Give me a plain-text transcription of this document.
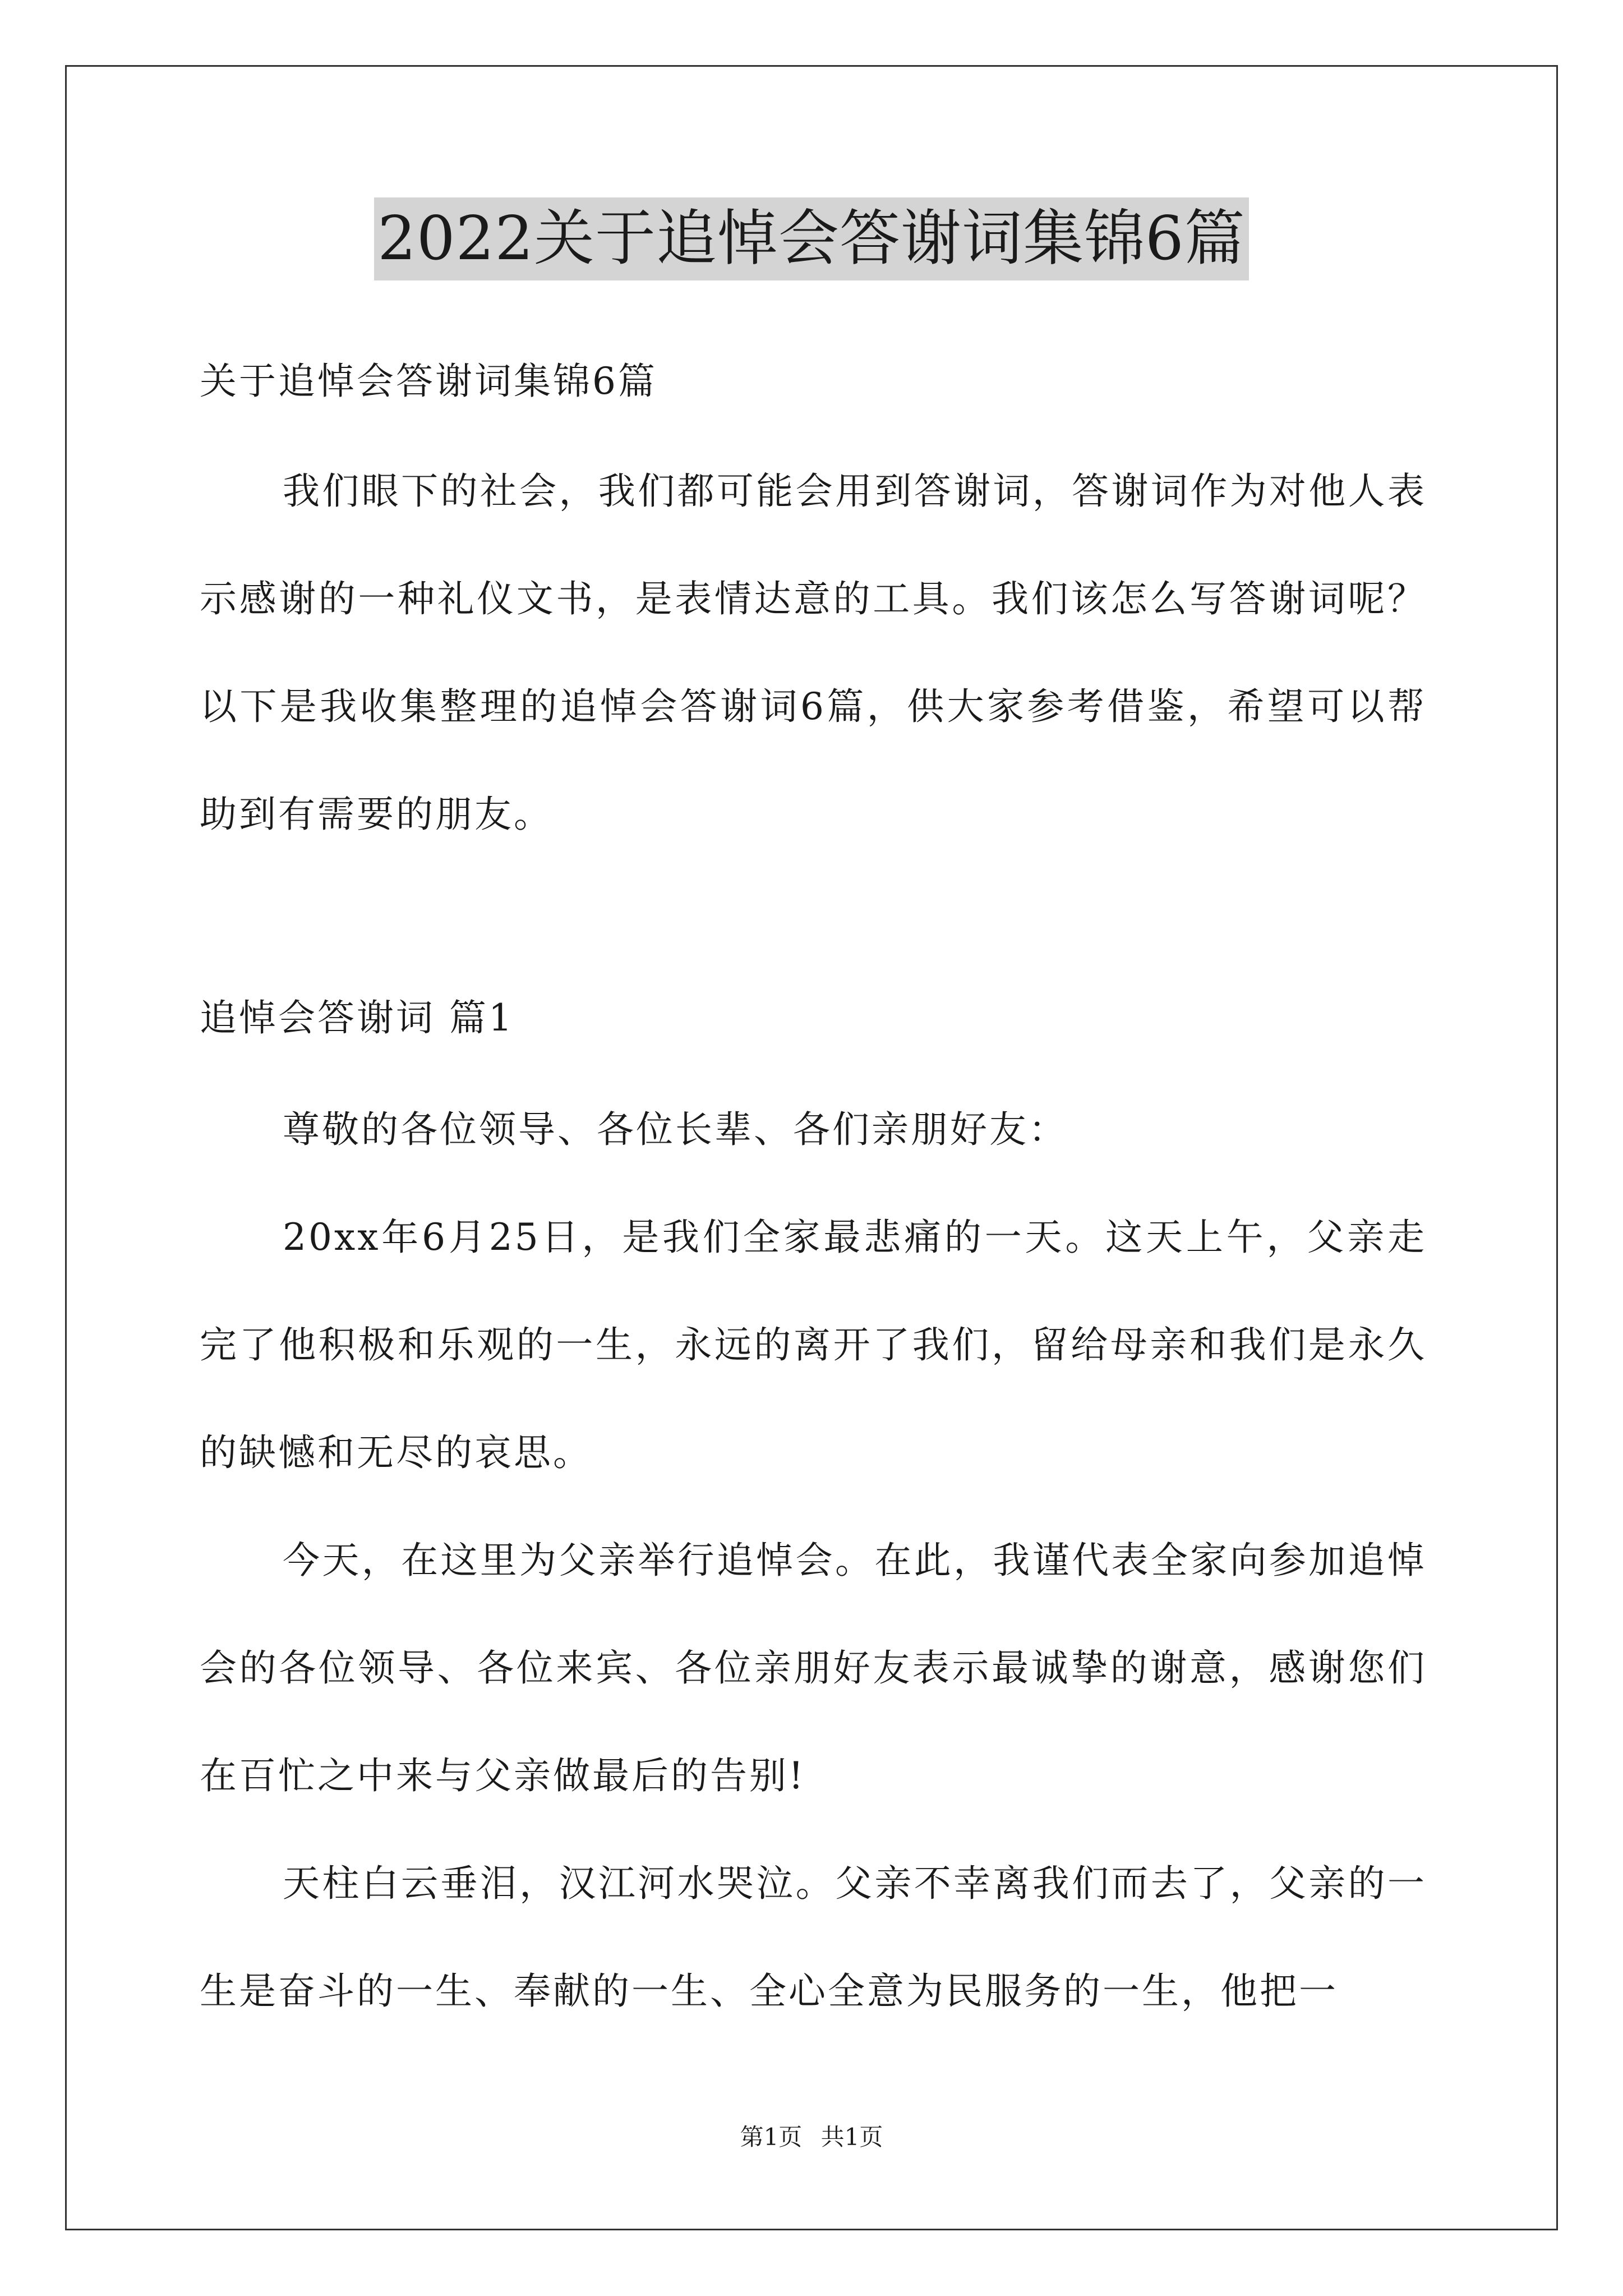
2022关于追悼会答谢词集锦6篇
关于追悼会答谢词集锦6篇
我们眼下的社会，我们都可能会用到答谢词，答谢词作为对他人表示感谢的一种礼仪文书，是表情达意的工具。我们该怎么写答谢词呢？以下是我收集整理的追悼会答谢词6篇，供大家参考借鉴，希望可以帮助到有需要的朋友。
追悼会答谢词 篇1
尊敬的各位领导、各位长辈、各们亲朋好友：
20xx年6月25日，是我们全家最悲痛的一天。这天上午，父亲走完了他积极和乐观的一生，永远的离开了我们，留给母亲和我们是永久的缺憾和无尽的哀思。
今天，在这里为父亲举行追悼会。在此，我谨代表全家向参加追悼会的各位领导、各位来宾、各位亲朋好友表示最诚挚的谢意，感谢您们在百忙之中来与父亲做最后的告别!
天柱白云垂泪，汉江河水哭泣。父亲不幸离我们而去了，父亲的一生是奋斗的一生、奉献的一生、全心全意为民服务的一生，他把一
第1页 共1页
